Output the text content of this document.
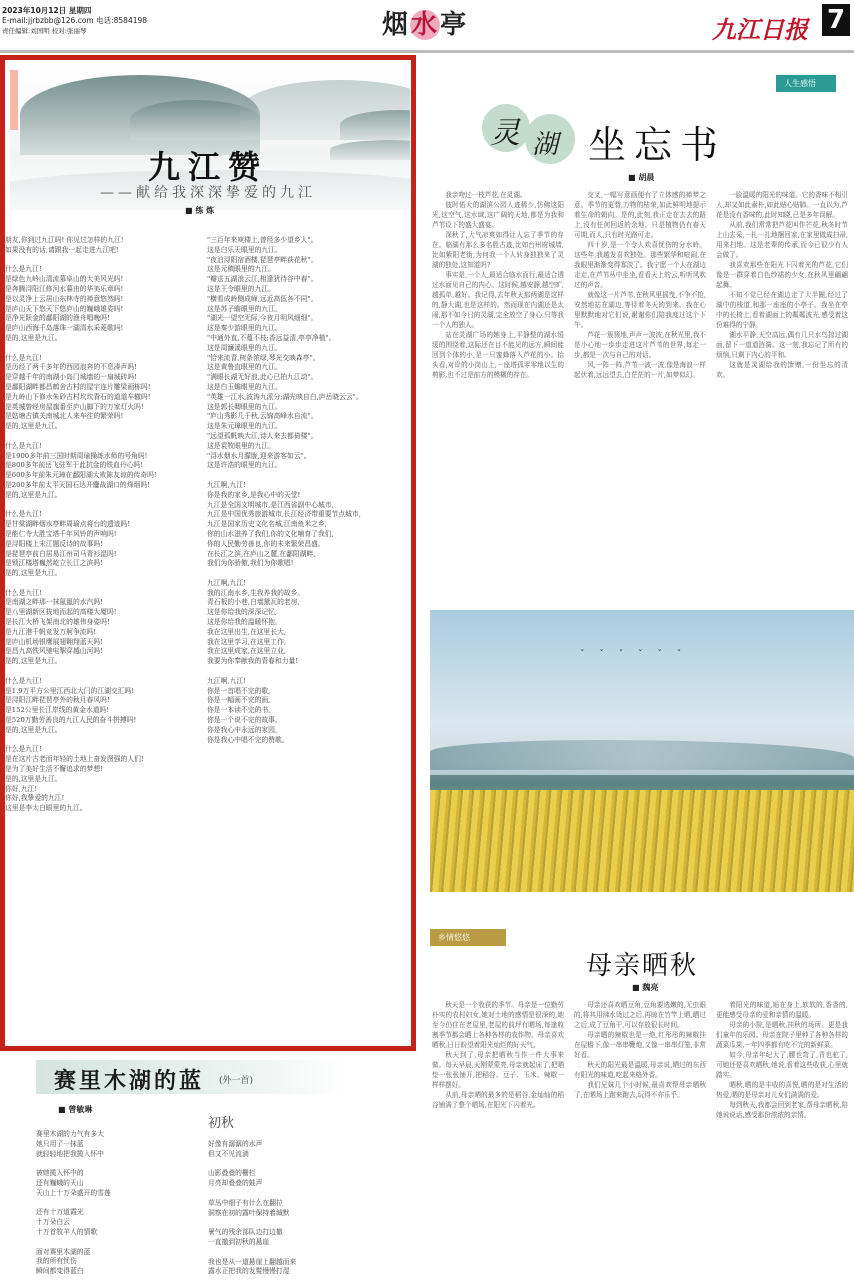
2023年10月12日 星期四
E-mail:jjrbzbb@126.com 电话:8584198
责任编辑:刘国明 校对:张丽琴	烟水亭	九江日报 7
九江赞
——献给我深深挚爱的九江
■ 练 炼

朋友,你到过九江吗! 你见过怎样的九江!

如果没有的话,请跟我一起走进九江吧!

什么是九江!

是绿色九岭山清流慕阜山的大美风光吗!

是奔腾浔阳江修河水暮由的华美乐章吗!

是以灵净上云居山东林寺的禅意悠然吗!

是庐山天下悠天下悠庐山的巍峨雄姿吗!

是净光跃金的鄱阳湖的渔舟唱晚吗!

是庐山西海千岛落珠一湖清水采菱歌吗!

是的,这里是九江。

什么是九江!

是历经了两千多年的西园浪奔的不息涛声吗!

是穿越千年的南湖小岛门城墙的一扇城砖吗!

是鄱阳湖畔都昌鹤舍古村的屋宇连片雕梁画栋吗!

是九岭山下修水朱砂古村坎坎青石的道道车辙吗!

是英城曾经房屋旗番至庐山脚下的万家灯火吗!

是姑塘古镇关南城北人来车往的繁荣吗!

是的,这里是九江。

什么是九江!

是1900多年前三国时期周瑜操练水师的号角吗!

是800多年前岳飞驻军于此抗金的铁血丹心吗!

是600多年前朱元璋在鄱阳湖大败陈友谅的传奇吗!

是200多年前太平天国石达开鏖战湖口的烽烟吗!

是的,这里是九江。

什么是九江!

是甘棠湖畔烟水亭畔周瑜点将台的遗迹吗!

是能仁寺大胜宝塔千年风铃的声响吗!

是浔阳楼上宋江题反诗的故事吗!

是琵琶亭前白居易江州司马青衫湿吗!

是锁江楼塔巍然屹立长江之滨吗!

是的,这里是九江。

什么是九江!

是南湖之畔那一抹氤氲的水汽吗!

是八里湖新区拔地而起的高楼大厦吗!

是长江大桥飞架南北的雄伟身姿吗!

是九江港千帆竞发万舸争流吗!

是庐山机场银鹰展翅翱翔蓝天吗!

是昌九高铁风驰电掣穿越山河吗!

是的,这里是九江。

什么是九江!

是1.9万平方公里江西北大门的江湖交汇吗!

是浔阳江畔琵琶亭外的秋月春风吗!

是152公里长江岸线的黄金水道吗!

是520万勤劳善良的九江人民的奋斗拼搏吗!

是的,这里是九江。

什么是九江!

是在这片古老而年轻的土地上奋发图强的人们!

是为了美好生活不懈追求的梦想!

是的,这里是九江。

你好,九江!

你好,我挚爱的九江!

这里是李太白眼里的九江。

"三百年来庾楼上,曾经多少望乡人"。

这是白乐天眼里的九江。

"夜泊浔阳宿酒楼,琵琶亭畔荻花秋"。

这是元稹眼里的九江。

"瓣送五湖浪云江,相逢犹待谷中春"。

这是王令眼里的九江。

"横看成岭侧成峰,远近高低各不同"。

这是苏子瞻眼里的九江。

"湖光一望空无际,今夜月明风细细"。

这是秦少游眼里的九江。

"中通外直,不蔓不枝;香远益清,亭亭净植"。

这是周濂溪眼里的九江。

"恰来流青,树条浓绿,琴光交映森亭"。

这是黄鲁直眼里的九江。

"满眼长湖无好浪,此心已拍九江动"。

这是白玉蟾眼里的九江。

"英雄一江水,波涛九派分;湖光映自白,庐岳晓云云"。

这是郭长卿眼里的九江。

"庐山秀影几千秋,云锦高峰水自流"。

这是朱元璋眼里的九江。

"远望孤帆映大江,诗人来去都倚楼"。

这是袁牧眼里的九江。

"浔水烟水月朦胧,迎来游客如云"。

这是许浩的眼里的九江。

九江啊,九江!

你是我的家乡,是我心中的天堂!

九江是全国文明城市,是江西省副中心城市,

九江是中国优秀旅游城市,长江经济带重要节点城市,

九江是国家历史文化名城,江南鱼米之乡,

你的山水滋养了我们,你的文化哺育了我们,

你的人民勤劳善良,你的未来繁荣昌盛。

在长江之滨,在庐山之麓,在鄱阳湖畔,

我们为你骄傲,我们为你歌唱!

九江啊,九江!

我的江南水乡,生我养我的故乡。

青石板的小巷,白墙黛瓦的老房,

这是你给我的深深记忆,

这是你给我的温暖怀抱。

我在这里出生,在这里长大,

我在这里学习,在这里工作,

我在这里成家,在这里立业,

我要为你奉献我的青春和力量!

九江啊,九江!

你是一首唱不完的歌,

你是一幅画不完的画,

你是一本读不完的书,

你是一个说不完的故事。

你是我心中永远的家园,

你是我心中唱不完的赞歌。

赛里木湖的蓝 (外一首)
■ 曾敏琳

赛里木湖的力气有多大

她只用了一抹蓝

就轻轻地把我揽入怀中

被她揽入怀中的

还有巍峨的天山

天山上十万朵盛开的雪莲

还有十万道霞光

十万朵白云

十万首牧羊人的情歌

面对赛里木湖的蓝

我的所有忧伤

瞬间都变得蓝白

初秋

好像有潺潺的水声

但又不见流淌

山影叠叠的栅栏

月亮却叠叠的蛙声

草丛中细子有什么在翻拉

洞察在初的露叶保持着缄默

暑气的残余部队边打边撤

一直撤到初秋的悬崖

我也是从一道悬崖上翻越而来

露水正把我的发髮慢慢打湿

人生感悟
灵 湖 坐忘书
■ 胡晨

我亲吻过一枝芦花,在灵湖。

彼时偌大的湖滨公园人迹稀少,仿佛这阳光,这空气,这水域,这广阔的天地,都是为我和芦苇设下的盛大盛宴。

深秋了,大气凉爽如得让人忘了季节的存在。临湖有那么多名胜古迹,比如台州府城墙,比如紫阳老街,为何我一个人转身独独来了灵湖的独处,这知道吗?

事实是,一个人,最适合临水而行,最适合透过水面见自己的内心。这时候,越安静,越空旷,越孤单,越好。我记得,去年秋天那两湖是这样的,静大湖,也是这样的。然而现在内湖还是太闹,那不如今日的灵湖,完全放空了身心,只等我一个人的独人。

站在灵湖广场的她身上,平静整的湖水缓缓的围绕着,这际还在目不能见的远方,瞬间能回到个体的小,是一只蜜蜂落入芦花的小。抬头看,对岸的小岗山上,一座塔孤零零地以生的剪影,也不过是前方的模糊的存在。

交叉,一幅写意画便有了立体感的禅梦之意。季节的更替,万物的枯荣,如此鲜明地提示着生命的朝向。是的,此刻,我正走在去去的路上,没有任何回返的余地。只是植物仍有春天可期,而人,只有时光路可走。

四十岁,是一个令人欢喜忧伤的分水岭。这些年,我越发喜欢独处。那些繁华和喧闹,在我眼里渐渐变得寡淡了。我宁愿一个人在湖边走走,在芦苇丛中坐坐,看看天上的云,听听风吹过的声音。

就像这一片芦苇,在秋风里摇曳,不争不抢,安然地站在湖边,等待着冬天的到来。我在心里默默地对它们说,谢谢你们陪我度过这个下午。

芦花一簇簇地,声声一波波,在秋光里,我不是小心地一步步走进这片芦苇的世界,每走一步,都是一次与自己的对话。

风,一阵一阵,芦苇一波一波,像是海浪一样起伏着,远远望去,白茫茫的一片,如梦似幻。

一脸温暖的阳光的味道。它的香味不相引人,却又如此素朴,如此贴心贴肺。一直以为,芦花是没有香味的,此时知晓,已是多年误解。

从前,我们常常把芦花叫作芒花,秋冬时节上山去采,一扎一扎地捆回家,在家里做成扫帚,用来扫地。这是老辈的传承,而今已很少有人会做了。

我喜欢那些在阳光下闪着光的芦花,它们像是一群穿着白色纱裙的少女,在秋风里翩翩起舞。

不知不觉已经在湖边走了大半圈,经过了湖中的栈道,和那一座座的小亭子。我坐在亭中的长椅上,看着湖面上的粼粼波光,感受着这份难得的宁静。

湖水平静,天空高远,偶有几只水鸟掠过湖面,留下一道道涟漪。这一刻,我忘记了所有的烦恼,只剩下内心的平和。

这就是灵湖给我的馈赠,一份坐忘的清欢。

ˇ ˇ ˇ ˇ ˇ ˇ
乡情悠悠
母亲晒秋
■ 魏亮

秋天是一个收获的季节。母亲是一位勤劳朴实的农村妇女,她对土地的感情是很深的,她至今仍住在老屋里,老屋的前坪有晒场,每逢收割季节都会晒上各种各样的农作物。母亲喜欢晒秋,日日盼望着阳光灿烂的好天气。

秋天到了,母亲把晒秋当作一件大事来做。每天早晨,天刚蒙蒙亮,母亲就起床了,把晒垫一张张铺开,把稻谷、豆子、玉米、辣椒一样样摆好。

从前,母亲晒的最多的是稻谷,金灿灿的稻谷铺满了整个晒场,在阳光下闪着光。

母亲还喜欢晒豆角,豆角要选嫩的,无虫眼的,将其用沸水烫过之后,再晾在竹竿上晒,晒过之后,成了豆角干,可以存放很长时间。

母亲晒的辣椒也是一绝,红彤彤的辣椒挂在屋檐下,像一串串鞭炮,又像一串串灯笼,非常好看。

秋天的阳光最是温暖,母亲说,晒过的东西有阳光的味道,吃起来格外香。

我们兄妹几个小时候,最喜欢帮母亲晒秋了,在晒场上跑来跑去,玩得不亦乐乎。

着阳光的味道,贴在身上,软软的,香香的,更能感受母亲的爱和亲情的温暖。

母亲的小院,是晒秋,挂秋的场所。更是我们童年的乐园。母亲在院子里种了各种各样的蔬菜瓜果,一年四季都有吃不完的新鲜菜。

如今,母亲年纪大了,腰也弯了,背也驼了,可她还是喜欢晒秋,她说,看着这些收获,心里就踏实。

晒秋,晒的是丰收的喜悦,晒的是对生活的热爱,晒的是母亲对儿女们满满的爱。

每到秋天,我都会回到老家,帮母亲晒秋,陪她说说话,感受那份浓浓的亲情。
